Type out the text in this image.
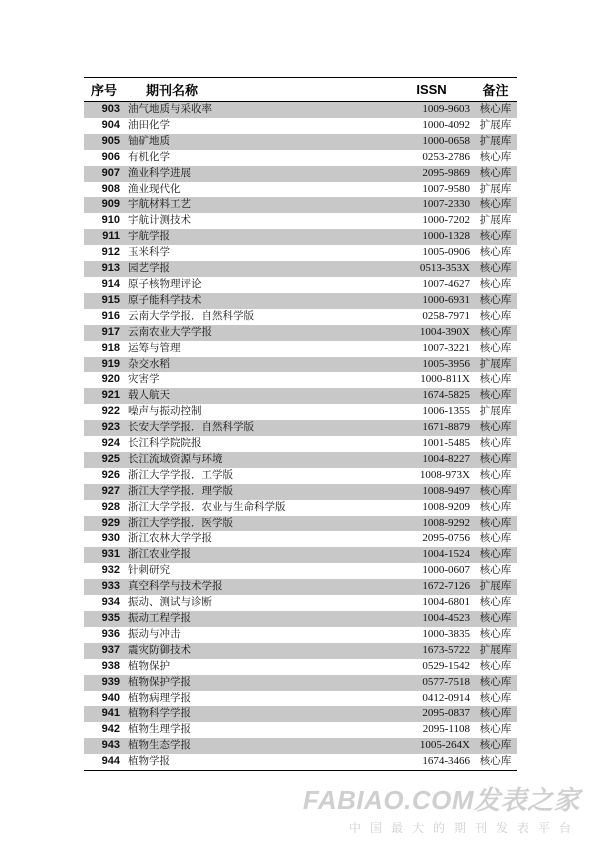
序号	期刊名称	ISSN	备注
903	油气地质与采收率	1009-9603	核心库
904	油田化学	1000-4092	扩展库
905	铀矿地质	1000-0658	扩展库
906	有机化学	0253-2786	核心库
907	渔业科学进展	2095-9869	核心库
908	渔业现代化	1007-9580	扩展库
909	宇航材料工艺	1007-2330	核心库
910	宇航计测技术	1000-7202	扩展库
911	宇航学报	1000-1328	核心库
912	玉米科学	1005-0906	核心库
913	园艺学报	0513-353X	核心库
914	原子核物理评论	1007-4627	核心库
915	原子能科学技术	1000-6931	核心库
916	云南大学学报．自然科学版	0258-7971	核心库
917	云南农业大学学报	1004-390X	核心库
918	运筹与管理	1007-3221	核心库
919	杂交水稻	1005-3956	扩展库
920	灾害学	1000-811X	核心库
921	载人航天	1674-5825	核心库
922	噪声与振动控制	1006-1355	扩展库
923	长安大学学报．自然科学版	1671-8879	核心库
924	长江科学院院报	1001-5485	核心库
925	长江流域资源与环境	1004-8227	核心库
926	浙江大学学报．工学版	1008-973X	核心库
927	浙江大学学报．理学版	1008-9497	核心库
928	浙江大学学报．农业与生命科学版	1008-9209	核心库
929	浙江大学学报．医学版	1008-9292	核心库
930	浙江农林大学学报	2095-0756	核心库
931	浙江农业学报	1004-1524	核心库
932	针刺研究	1000-0607	核心库
933	真空科学与技术学报	1672-7126	扩展库
934	振动、测试与诊断	1004-6801	核心库
935	振动工程学报	1004-4523	核心库
936	振动与冲击	1000-3835	核心库
937	震灾防御技术	1673-5722	扩展库
938	植物保护	0529-1542	核心库
939	植物保护学报	0577-7518	核心库
940	植物病理学报	0412-0914	核心库
941	植物科学学报	2095-0837	核心库
942	植物生理学报	2095-1108	核心库
943	植物生态学报	1005-264X	核心库
944	植物学报	1674-3466	核心库
FABIAO.COM发表之家
中国最大的期刊发表平台
